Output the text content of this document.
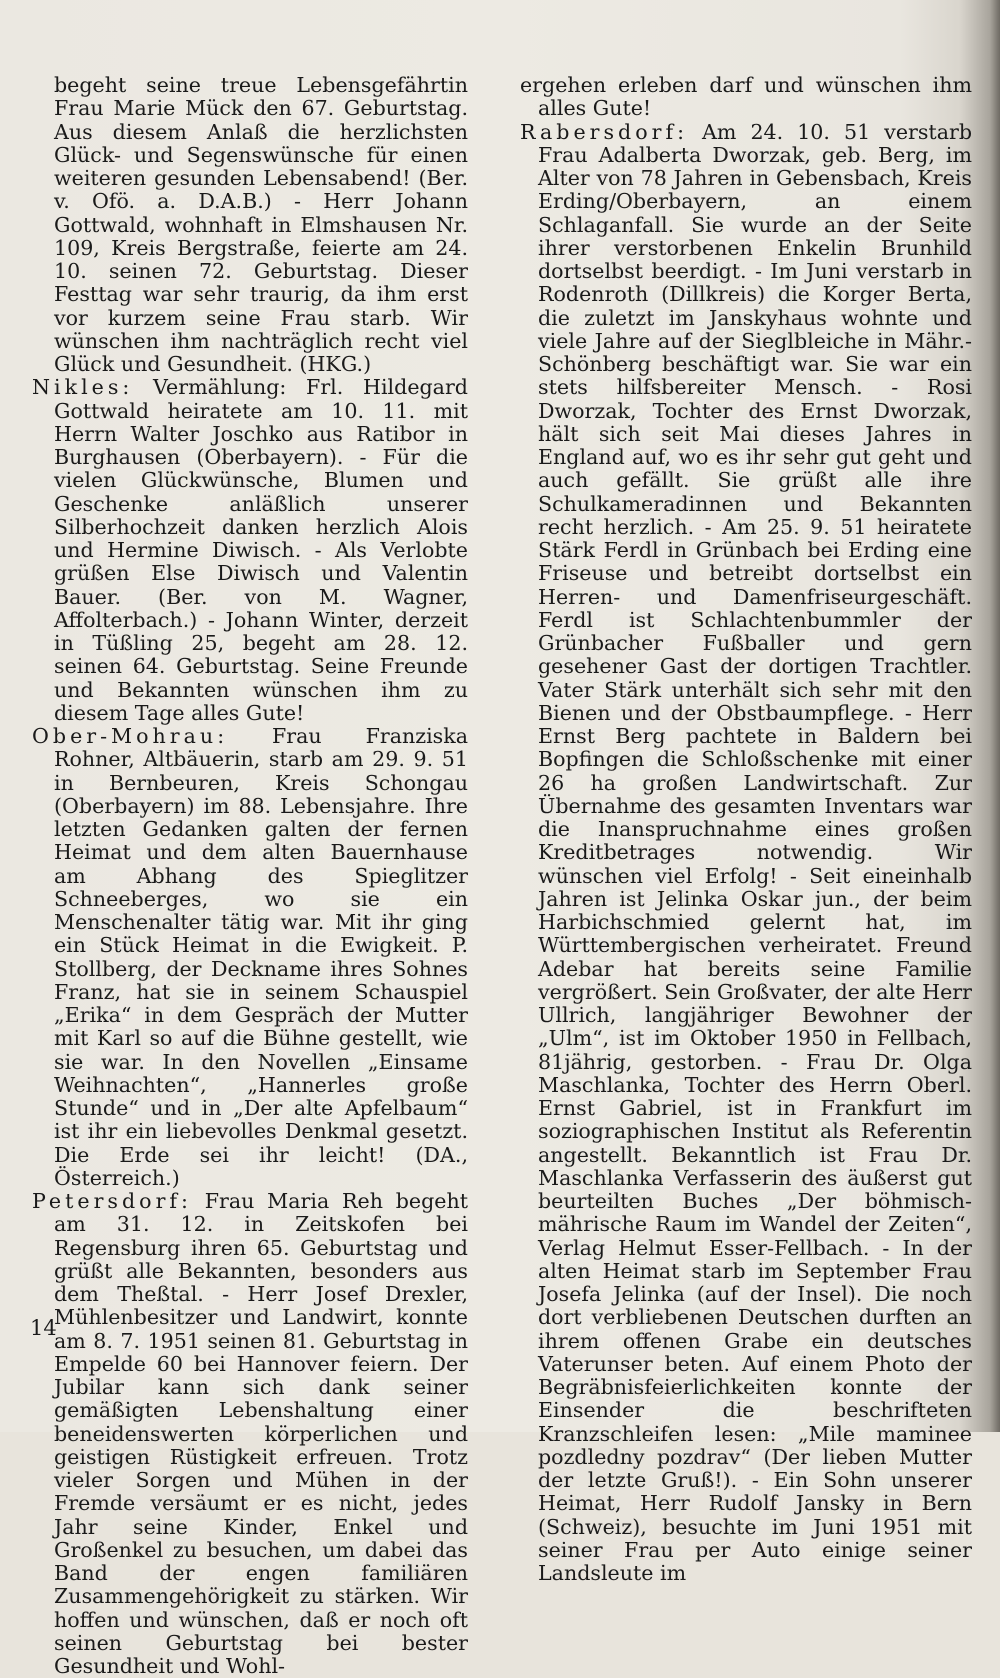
begeht seine treue Lebensgefährtin Frau Marie Mück den 67. Geburtstag. Aus diesem Anlaß die herzlichsten Glück- und Segenswünsche für einen weiteren gesunden Lebensabend! (Ber. v. Ofö. a. D.A.B.) - Herr Johann Gottwald, wohnhaft in Elmshausen Nr. 109, Kreis Bergstraße, feierte am 24. 10. seinen 72. Geburtstag. Dieser Festtag war sehr traurig, da ihm erst vor kurzem seine Frau starb. Wir wünschen ihm nachträglich recht viel Glück und Gesundheit. (HKG.)

Nikles: Vermählung: Frl. Hildegard Gottwald heiratete am 10. 11. mit Herrn Walter Joschko aus Ratibor in Burghausen (Oberbayern). - Für die vielen Glückwünsche, Blumen und Geschenke anläßlich unserer Silberhochzeit danken herzlich Alois und Hermine Diwisch. - Als Verlobte grüßen Else Diwisch und Valentin Bauer. (Ber. von M. Wagner, Affolterbach.) - Johann Winter, derzeit in Tüßling 25, begeht am 28. 12. seinen 64. Geburtstag. Seine Freunde und Bekannten wünschen ihm zu diesem Tage alles Gute!

Ober-Mohrau: Frau Franziska Rohner, Altbäuerin, starb am 29. 9. 51 in Bernbeuren, Kreis Schongau (Oberbayern) im 88. Lebensjahre. Ihre letzten Gedanken galten der fernen Heimat und dem alten Bauernhause am Abhang des Spieglitzer Schneeberges, wo sie ein Menschenalter tätig war. Mit ihr ging ein Stück Heimat in die Ewigkeit. P. Stollberg, der Deckname ihres Sohnes Franz, hat sie in seinem Schauspiel „Erika“ in dem Gespräch der Mutter mit Karl so auf die Bühne gestellt, wie sie war. In den Novellen „Einsame Weihnachten“, „Hannerles große Stunde“ und in „Der alte Apfelbaum“ ist ihr ein liebevolles Denkmal gesetzt. Die Erde sei ihr leicht! (DA., Österreich.)

Petersdorf: Frau Maria Reh begeht am 31. 12. in Zeitskofen bei Regensburg ihren 65. Geburtstag und grüßt alle Bekannten, besonders aus dem Theßtal. - Herr Josef Drexler, Mühlenbesitzer und Landwirt, konnte am 8. 7. 1951 seinen 81. Geburtstag in Empelde 60 bei Hannover feiern. Der Jubilar kann sich dank seiner gemäßigten Lebenshaltung einer beneidenswerten körperlichen und geistigen Rüstigkeit erfreuen. Trotz vieler Sorgen und Mühen in der Fremde versäumt er es nicht, jedes Jahr seine Kinder, Enkel und Großenkel zu besuchen, um dabei das Band der engen familiären Zusammengehörigkeit zu stärken. Wir hoffen und wünschen, daß er noch oft seinen Geburtstag bei bester Gesundheit und Wohl-

ergehen erleben darf und wünschen ihm alles Gute!

Rabersdorf: Am 24. 10. 51 verstarb Frau Adalberta Dworzak, geb. Berg, im Alter von 78 Jahren in Gebensbach, Kreis Erding/Oberbayern, an einem Schlaganfall. Sie wurde an der Seite ihrer verstorbenen Enkelin Brunhild dortselbst beerdigt. - Im Juni verstarb in Rodenroth (Dillkreis) die Korger Berta, die zuletzt im Janskyhaus wohnte und viele Jahre auf der Sieglbleiche in Mähr.-Schönberg beschäftigt war. Sie war ein stets hilfsbereiter Mensch. - Rosi Dworzak, Tochter des Ernst Dworzak, hält sich seit Mai dieses Jahres in England auf, wo es ihr sehr gut geht und auch gefällt. Sie grüßt alle ihre Schulkameradinnen und Bekannten recht herzlich. - Am 25. 9. 51 heiratete Stärk Ferdl in Grünbach bei Erding eine Friseuse und betreibt dortselbst ein Herren- und Damenfriseurgeschäft. Ferdl ist Schlachtenbummler der Grünbacher Fußballer und gern gesehener Gast der dortigen Trachtler. Vater Stärk unterhält sich sehr mit den Bienen und der Obstbaumpflege. - Herr Ernst Berg pachtete in Baldern bei Bopfingen die Schloßschenke mit einer 26 ha großen Landwirtschaft. Zur Übernahme des gesamten Inventars war die Inanspruchnahme eines großen Kreditbetrages notwendig. Wir wünschen viel Erfolg! - Seit eineinhalb Jahren ist Jelinka Oskar jun., der beim Harbichschmied gelernt hat, im Württembergischen verheiratet. Freund Adebar hat bereits seine Familie vergrößert. Sein Großvater, der alte Herr Ullrich, langjähriger Bewohner der „Ulm“, ist im Oktober 1950 in Fellbach, 81jährig, gestorben. - Frau Dr. Olga Maschlanka, Tochter des Herrn Oberl. Ernst Gabriel, ist in Frankfurt im soziographischen Institut als Referentin angestellt. Bekanntlich ist Frau Dr. Maschlanka Verfasserin des äußerst gut beurteilten Buches „Der böhmisch-mährische Raum im Wandel der Zeiten“, Verlag Helmut Esser-Fellbach. - In der alten Heimat starb im September Frau Josefa Jelinka (auf der Insel). Die noch dort verbliebenen Deutschen durften an ihrem offenen Grabe ein deutsches Vaterunser beten. Auf einem Photo der Begräbnisfeierlichkeiten konnte der Einsender die beschrifteten Kranzschleifen lesen: „Mile maminee pozdledny pozdrav“ (Der lieben Mutter der letzte Gruß!). - Ein Sohn unserer Heimat, Herr Rudolf Jansky in Bern (Schweiz), besuchte im Juni 1951 mit seiner Frau per Auto einige seiner Landsleute im

14
